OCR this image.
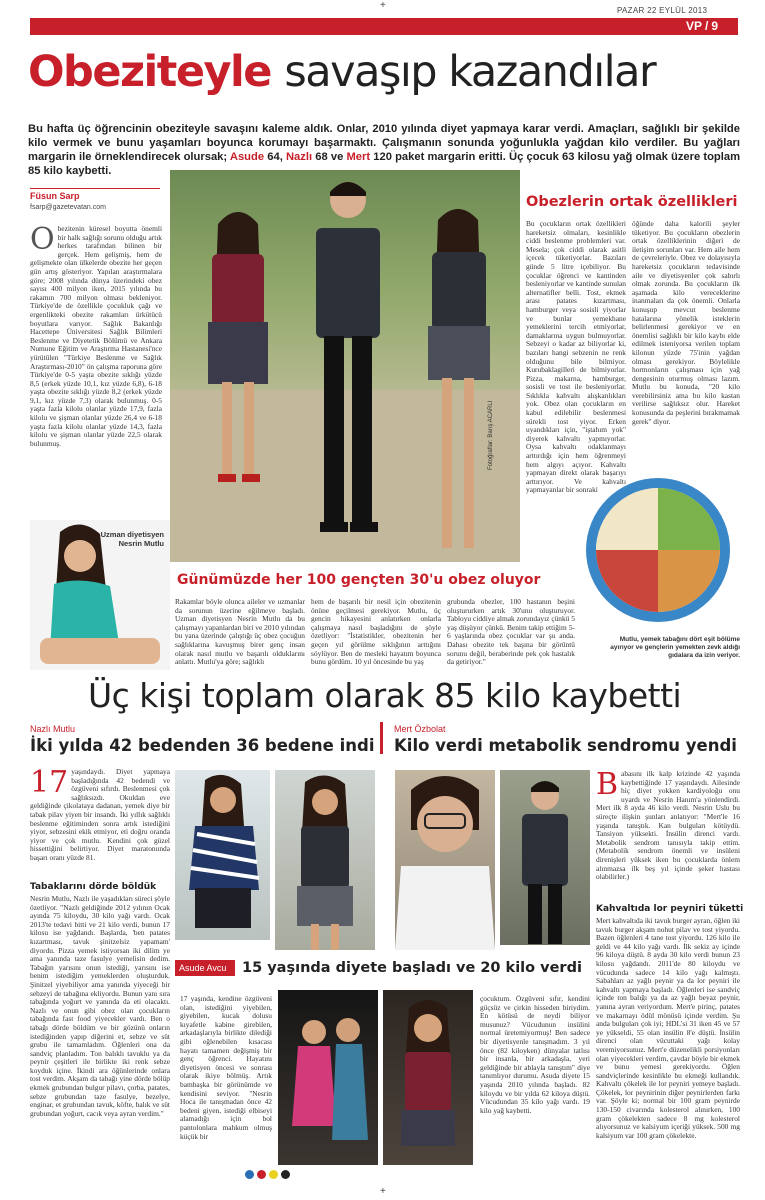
+	PAZAR 22 EYLÜL 2013
VP / 9
Obeziteyle savaşıp kazandılar
Bu hafta üç öğrencinin obeziteyle savaşını kaleme aldık. Onlar, 2010 yılında diyet yapmaya karar verdi. Amaçları, sağlıklı bir şekilde kilo vermek ve bunu yaşamları boyunca korumayı başarmaktı. Çalışmanın sonunda yoğunlukla yağdan kilo verdiler. Bu yağları margarin ile örneklendirecek olursak; Asude 64, Nazlı 68 ve Mert 120 paket margarin eritti. Üç çocuk 63 kilosu yağ olmak üzere toplam 85 kilo kaybetti.
Füsun Sarp
fsarp@gazetevatan.com
O bezitenin küresel boyutta önemli bir halk sağlığı sorunu olduğu artık herkes tarafından bilinen bir gerçek. Hem gelişmiş, hem de gelişmekte olan ülkelerde obezite her geçen gün artış gösteriyor. Yapılan araştırmalara göre; 2008 yılında dünya üzerindeki obez sayısı 400 milyon iken, 2015 yılında bu rakamın 700 milyon olması bekleniyor. Türkiye'de de özellikle çocukluk çağı ve ergenlikteki obezite rakamları ürkütücü boyutlara varıyor. Sağlık Bakanlığı Hacettepe Üniversitesi Sağlık Bilimleri Beslenme ve Diyetetik Bölümü ve Ankara Numune Eğitim ve Araştırma Hastanesi'nce yürütülen "Türkiye Beslenme ve Sağlık Araştırması-2010" ön çalışma raporuna göre Türkiye'de 0-5 yaşta obezite sıklığı yüzde 8,5 (erkek yüzde 10,1, kız yüzde 6,8), 6-18 yaşta obezite sıklığı yüzde 8,2 (erkek yüzde 9,1, kız yüzde 7,3) olarak bulunmuş. 0-5 yaşta fazla kilolu olanlar yüzde 17,9, fazla kilolu ve şişman olanlar yüzde 26,4 ve 6-18 yaşta fazla kilolu olanlar yüzde 14,3, fazla kilolu ve şişman olanlar yüzde 22,5 olarak bulunmuş.	Fotoğraflar: Barış ACARLI
Uzman diyetisyen
Nesrin Mutlu
Obezlerin ortak özellikleri
Bu çocukların ortak özellikleri hareketsiz olmaları, kesinlikle ciddi beslenme problemleri var. Mesela; çok ciddi olarak asitli içecek tüketiyorlar. Bazıları günde 5 litre içebiliyor. Bu çocuklar öğrenci ve kantinden besleniyorlar ve kantinde sunulan alternatifler belli. Tost, ekmek arası patates kızartması, hamburger veya sosisli yiyorlar ve bunlar yemekhane yemeklerini tercih etmiyorlar, damaklarına uygun bulmuyorlar. Sebzeyi o kadar az biliyorlar ki, bazıları hangi sebzenin ne renk olduğunu bile bilmiyor. Kurubaklagilleri de bilmiyorlar. Pizza, makarna, hamburger, sosisli ve tost ile besleniyorlar. Sıklıkla kahvaltı alışkanlıkları yok. Obez olan çocukların en kabul edilebilir beslenmesi sürekli tost yiyor. Erken uyandıkları için, "iştahım yok" diyerek kahvaltı yapmıyorlar. Oysa kahvaltı odaklanmayı arttırdığı için hem öğrenmeyi hem algıyı açıyor. Kahvaltı yapmayan direkt olarak başarıyı arttırıyor. Ve kahvaltı yapmayanlar bir sonraki
öğünde daha kalorili şeyler tüketiyor. Bu çocukların obezlerin ortak özelliklerinin diğeri de iletişim sorunları var. Hem aile hem de çevreleriyle. Obez ve dolayısıyla hareketsiz çocukların tedavisinde aile ve diyetisyenler çok sabırlı olmak zorunda. Bu çocukların ilk aşamada kilo vereceklerine inanmaları da çok önemli. Onlarla konuşup mevcut beslenme hatalarına yönelik isteklerin belirlenmesi gerekiyor ve en önemlisi sağlıklı bir kilo kaybı elde edilmek isteniyorsa verilen toplam kilonun yüzde 75'inin yağdan olması gerekiyor. Böylelikle hormonların çalışması için yağ dengesinin oturmuş olması lazım. Mutlu bu konuda, "20 kilo verebilirsiniz ama bu kilo kastan verilirse sağlıksız olur. Hareket konusunda da peşlerini bırakmamak gerek" diyor.
Mutlu, yemek tabağını dört eşit bölüme ayırıyor ve gençlerin yemekten zevk aldığı gıdalara da izin veriyor.
Günümüzde her 100 gençten 30'u obez oluyor
Rakamlar böyle olunca aileler ve uzmanlar da sorunun üzerine eğilmeye başladı. Uzman diyetisyen Nesrin Mutlu da bu çalışmayı yapanlardan biri ve 2010 yılından bu yana üzerinde çalıştığı üç obez çocuğun sağlıklarına kavuşmuş birer genç insan olarak nasıl mutlu ve başarılı olduklarını anlattı. Mutlu'ya göre; sağlıklı
hem de başarılı bir nesil için obezitenin önüne geçilmesi gerekiyor. Mutlu, üç gencin hikayesini anlatırken onlarla çalışmaya nasıl başladığını de şöyle özetliyor: "İstatistikler, obezitenin her geçen yıl görülme sıklığının arttığını söylüyor. Ben de mesleki hayatım boyunca bunu gördüm. 10 yıl öncesinde bu yaş
grubunda obezler, 100 hastanın beşini oluştururken artık 30'unu oluşturuyor. Tabloyu ciddiye almak zorundayız çünkü 5 yaş düşüyor çünkü. Benim takip ettiğim 5-6 yaşlarında obez çocuklar var şu anda. Dahası obezite tek başına bir görüntü sorunu değil, beraberinde pek çok hastalık da getiriyor."
Üç kişi toplam olarak 85 kilo kaybetti
Nazlı Mutlu
İki yılda 42 bedenden 36 bedene indi
17 yaşındaydı. Diyet yapmaya başladığında 42 bedendi ve özgüveni sıfırdı. Beslenmesi çok sağlıksızdı. Okuldan eve geldiğinde çikolataya dadanan, yemek diye bir tabak pilav yiyen bir insandı. İki yıllık sağlıklı beslenme eğitiminden sonra artık istediğini yiyor, sebzesini ekik etmiyor, eti doğru oranda yiyor ve çok mutlu. Kendini çok güzel hissettiğini belirtiyor. Diyet maratonunda başarı oranı yüzde 81.
Tabaklarını dörde böldük
Nesrin Mutlu, Nazlı ile yaşadıkları süreci şöyle özetliyor. "Nazlı geldiğinde 2012 yılının Ocak ayında 75 kiloydu, 30 kilo yağı vardı. Ocak 2013'te tedavi bitti ve 21 kilo verdi, bunun 17 kilosu ise yağdandı. Başlarda, 'ben patates kızartması, tavuk şinitzelsiz yapamam' diyordu. Pizza yemek istiyorsan iki dilim ye ama yanında taze fasulye yemelisin dedim. Tabağın yarısını onun istediği, yarısını ise benim istediğim yemeklerden oluşturduk. Şinitzel yiyebiliyor ama yanında yiyeceği bir sebzeyi de tabağına ekliyordu. Bunun yanı sıra tabağında yoğurt ve yanında da eti olacaktı. Nazlı ve onun gibi obez olan çocukların tabağında fast food yiyecekler vardı. Ben o tabağı dörde böldüm ve bir gözünü onların istediğinden yapıp diğerini et, sebze ve süt grubu ile tamamladım. Öğlenleri ona da sandviç planladım. Ton balıklı tavuklu ya da peynir çeşitleri ile birlikte iki renk sebze koyduk içine. İkindi ara öğünlerinde onlara tost verdim. Akşam da tabağı yine dörde bölüp ekmek grubundan bulgur pilavı, çorba, patates, sebze grubundan taze fasulye, bezelye, enginar, et grubundan tavuk, köfte, balık ve süt grubundan yoğurt, cacık veya ayran verdim."
Mert Özbolat
Kilo verdi metabolik sendromu yendi
B abasını ilk kalp krizinde 42 yaşında kaybettiğinde 17 yaşındaydı. Ailesinde hiç diyet yokken kardiyoloğu onu uyardı ve Nesrin Hanım'a yönlendirdi. Mert ilk 8 ayda 46 kilo verdi. Nesrin Uslu bu süreçte ilişkin şunları anlatıyor: "Mert'le 16 yaşında tanıştık. Kan bulguları kötüydü. Tansiyon yüksekti. İnsülin direnci vardı. Metabolik sendrom tanısıyla takip ettim. (Metabolik sendrom önemli ve insüleni direnişleri yüksek iken bu çocuklarda önlem alınmazsa ilk beş yıl içinde şeker hastası olabilirler.)
Kahvaltıda lor peyniri tüketti
Mert kahvaltıda iki tavuk burger ayran, öğlen iki tavuk burger akşam nohut pilav ve tost yiyordu. Bazen öğlenleri 4 tane tost yiyordu. 126 kilo ile geldi ve 44 kilo yağı vardı. İlk sekiz ay içinde 96 kiloya düştü. 8 ayda 30 kilo verdi bunun 23 kilosu yağdandı. 2011'de 80 kiloydu ve vücudunda sadece 14 kilo yağı kalmıştı. Sabahları az yağlı peynir ya da lor peyniri ile kahvaltı yapmaya başladı. Öğlenleri ise sandviç içinde ton balığı ya da az yağlı beyaz peynir, yanına ayran veriyordum. Mert'e pirinç, patates ve makarnayı ödül mönüsü içinde verdim. Şu anda bulguları çok iyi; HDL'si 31 iken 45 ve 57 ye yükseldi, 55 olan insülin 8'e düştü. İnsülin direnci olan vücuttaki yağı kolay veremiyorsunuz. Mert'e düzenelikli porsiyonları olan yiyecekleri verdim, çavdar böyle bir ekmek ve bunu yemesi gerekiyordu. Öğlen sandviçlerinde kesinlikle bu ekmeği kullandık. Kahvaltı çökelek ile lor peyniri yemeye başladı. Çökelek, lor peynirinin diğer peynirlerden farkı var. Şöyle ki; normal bir 100 gram peynirde 130-150 civarında kolesterol alınırken, 100 gram çökelekten sadece 8 mg kolesterol alıyorsunuz ve kalsiyum içeriği yüksek. 500 mg kalsiyum var 100 gram çökelekte.
Asude Avcu	15 yaşında diyete başladı ve 20 kilo verdi
17 yaşında, kendine özgüveni olan, istediğini yiyebilen, giyebilen, kucak dolusu kıyafetle kabine girebilen, arkadaşlarıyla birlikte dilediği gibi eğlenebilen kısacası hayatı tamamen değişmiş bir genç öğrenci. Hayatını diyetisyen öncesi ve sonrası olarak ikiye bölmüş. Artık bambaşka bir görünümde ve kendisini seviyor. "Nesrin Hoca ile tanışmadan önce 42 bedeni giyen, istediği elbiseyi alamadığı için bol pantolonlara mahkum olmuş küçük bir
çocuktum. Özgüveni sıfır, kendini güçsüz ve çirkin hisseden biriydim. En kötüsü de neydi biliyor musunuz? Vücudunun insülini normal üretemiyormuş! Ben sadece bir diyetisyenle tanışmadım. 3 yıl önce (82 kiloyken) dünyalar tatlısı bir insanla, bir arkadaşla, yeri geldiğinde bir ablayla tanıştım" diye tanımlıyor durumu. Asuda diyete 15 yaşında 2010 yılında başladı. 82 kiloydu ve bir yılda 62 kiloya düştü. Vücudundan 35 kilo yağı vardı. 19 kilo yağ kaybetti.
+
